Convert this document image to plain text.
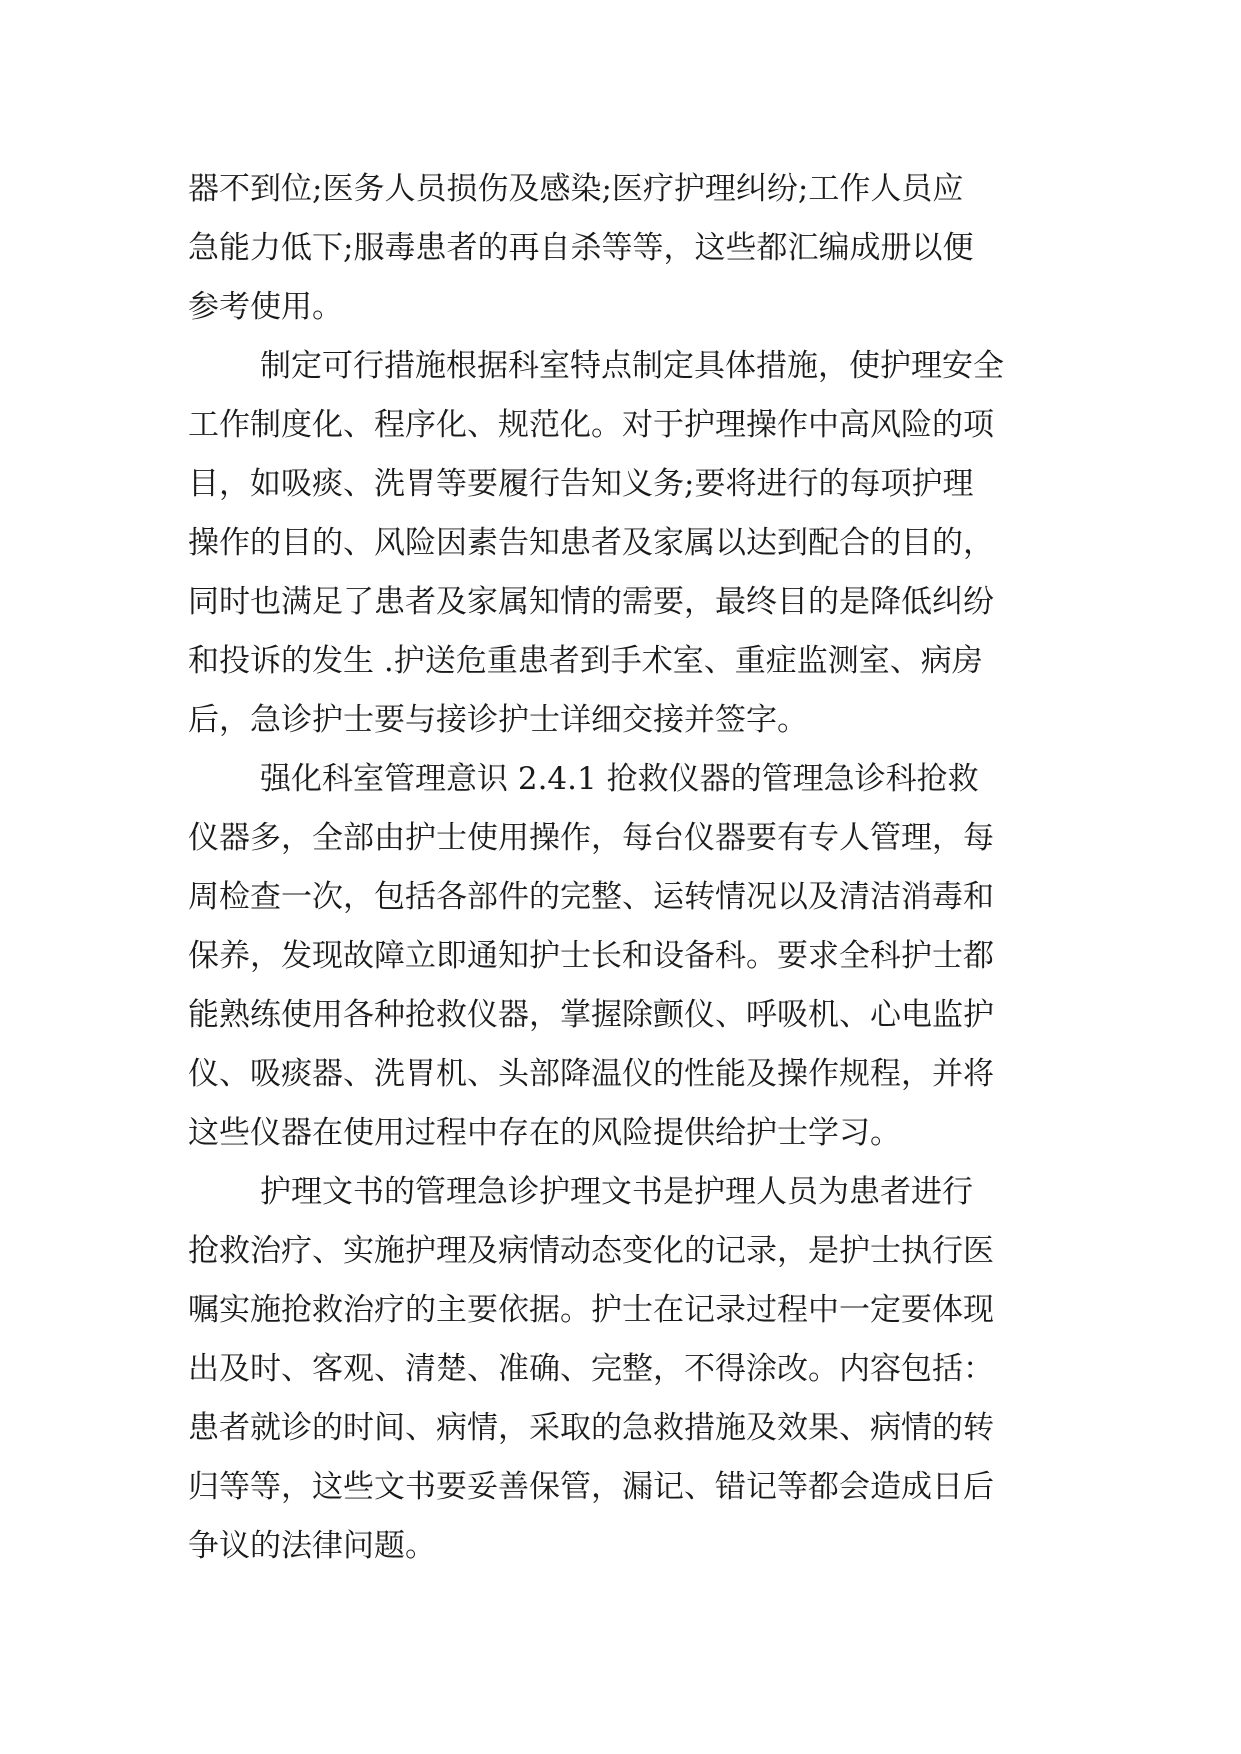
器不到位;医务人员损伤及感染;医疗护理纠纷;工作人员应
急能力低下;服毒患者的再自杀等等，这些都汇编成册以便
参考使用。
制定可行措施根据科室特点制定具体措施，使护理安全
工作制度化、程序化、规范化。对于护理操作中高风险的项
目，如吸痰、洗胃等要履行告知义务;要将进行的每项护理
操作的目的、风险因素告知患者及家属以达到配合的目的，
同时也满足了患者及家属知情的需要，最终目的是降低纠纷
和投诉的发生 .护送危重患者到手术室、重症监测室、病房
后，急诊护士要与接诊护士详细交接并签字。
强化科室管理意识 2.4.1 抢救仪器的管理急诊科抢救
仪器多，全部由护士使用操作，每台仪器要有专人管理，每
周检查一次，包括各部件的完整、运转情况以及清洁消毒和
保养，发现故障立即通知护士长和设备科。要求全科护士都
能熟练使用各种抢救仪器，掌握除颤仪、呼吸机、心电监护
仪、吸痰器、洗胃机、头部降温仪的性能及操作规程，并将
这些仪器在使用过程中存在的风险提供给护士学习。
护理文书的管理急诊护理文书是护理人员为患者进行
抢救治疗、实施护理及病情动态变化的记录，是护士执行医
嘱实施抢救治疗的主要依据。护士在记录过程中一定要体现
出及时、客观、清楚、准确、完整，不得涂改。内容包括：
患者就诊的时间、病情，采取的急救措施及效果、病情的转
归等等，这些文书要妥善保管，漏记、错记等都会造成日后
争议的法律问题。
